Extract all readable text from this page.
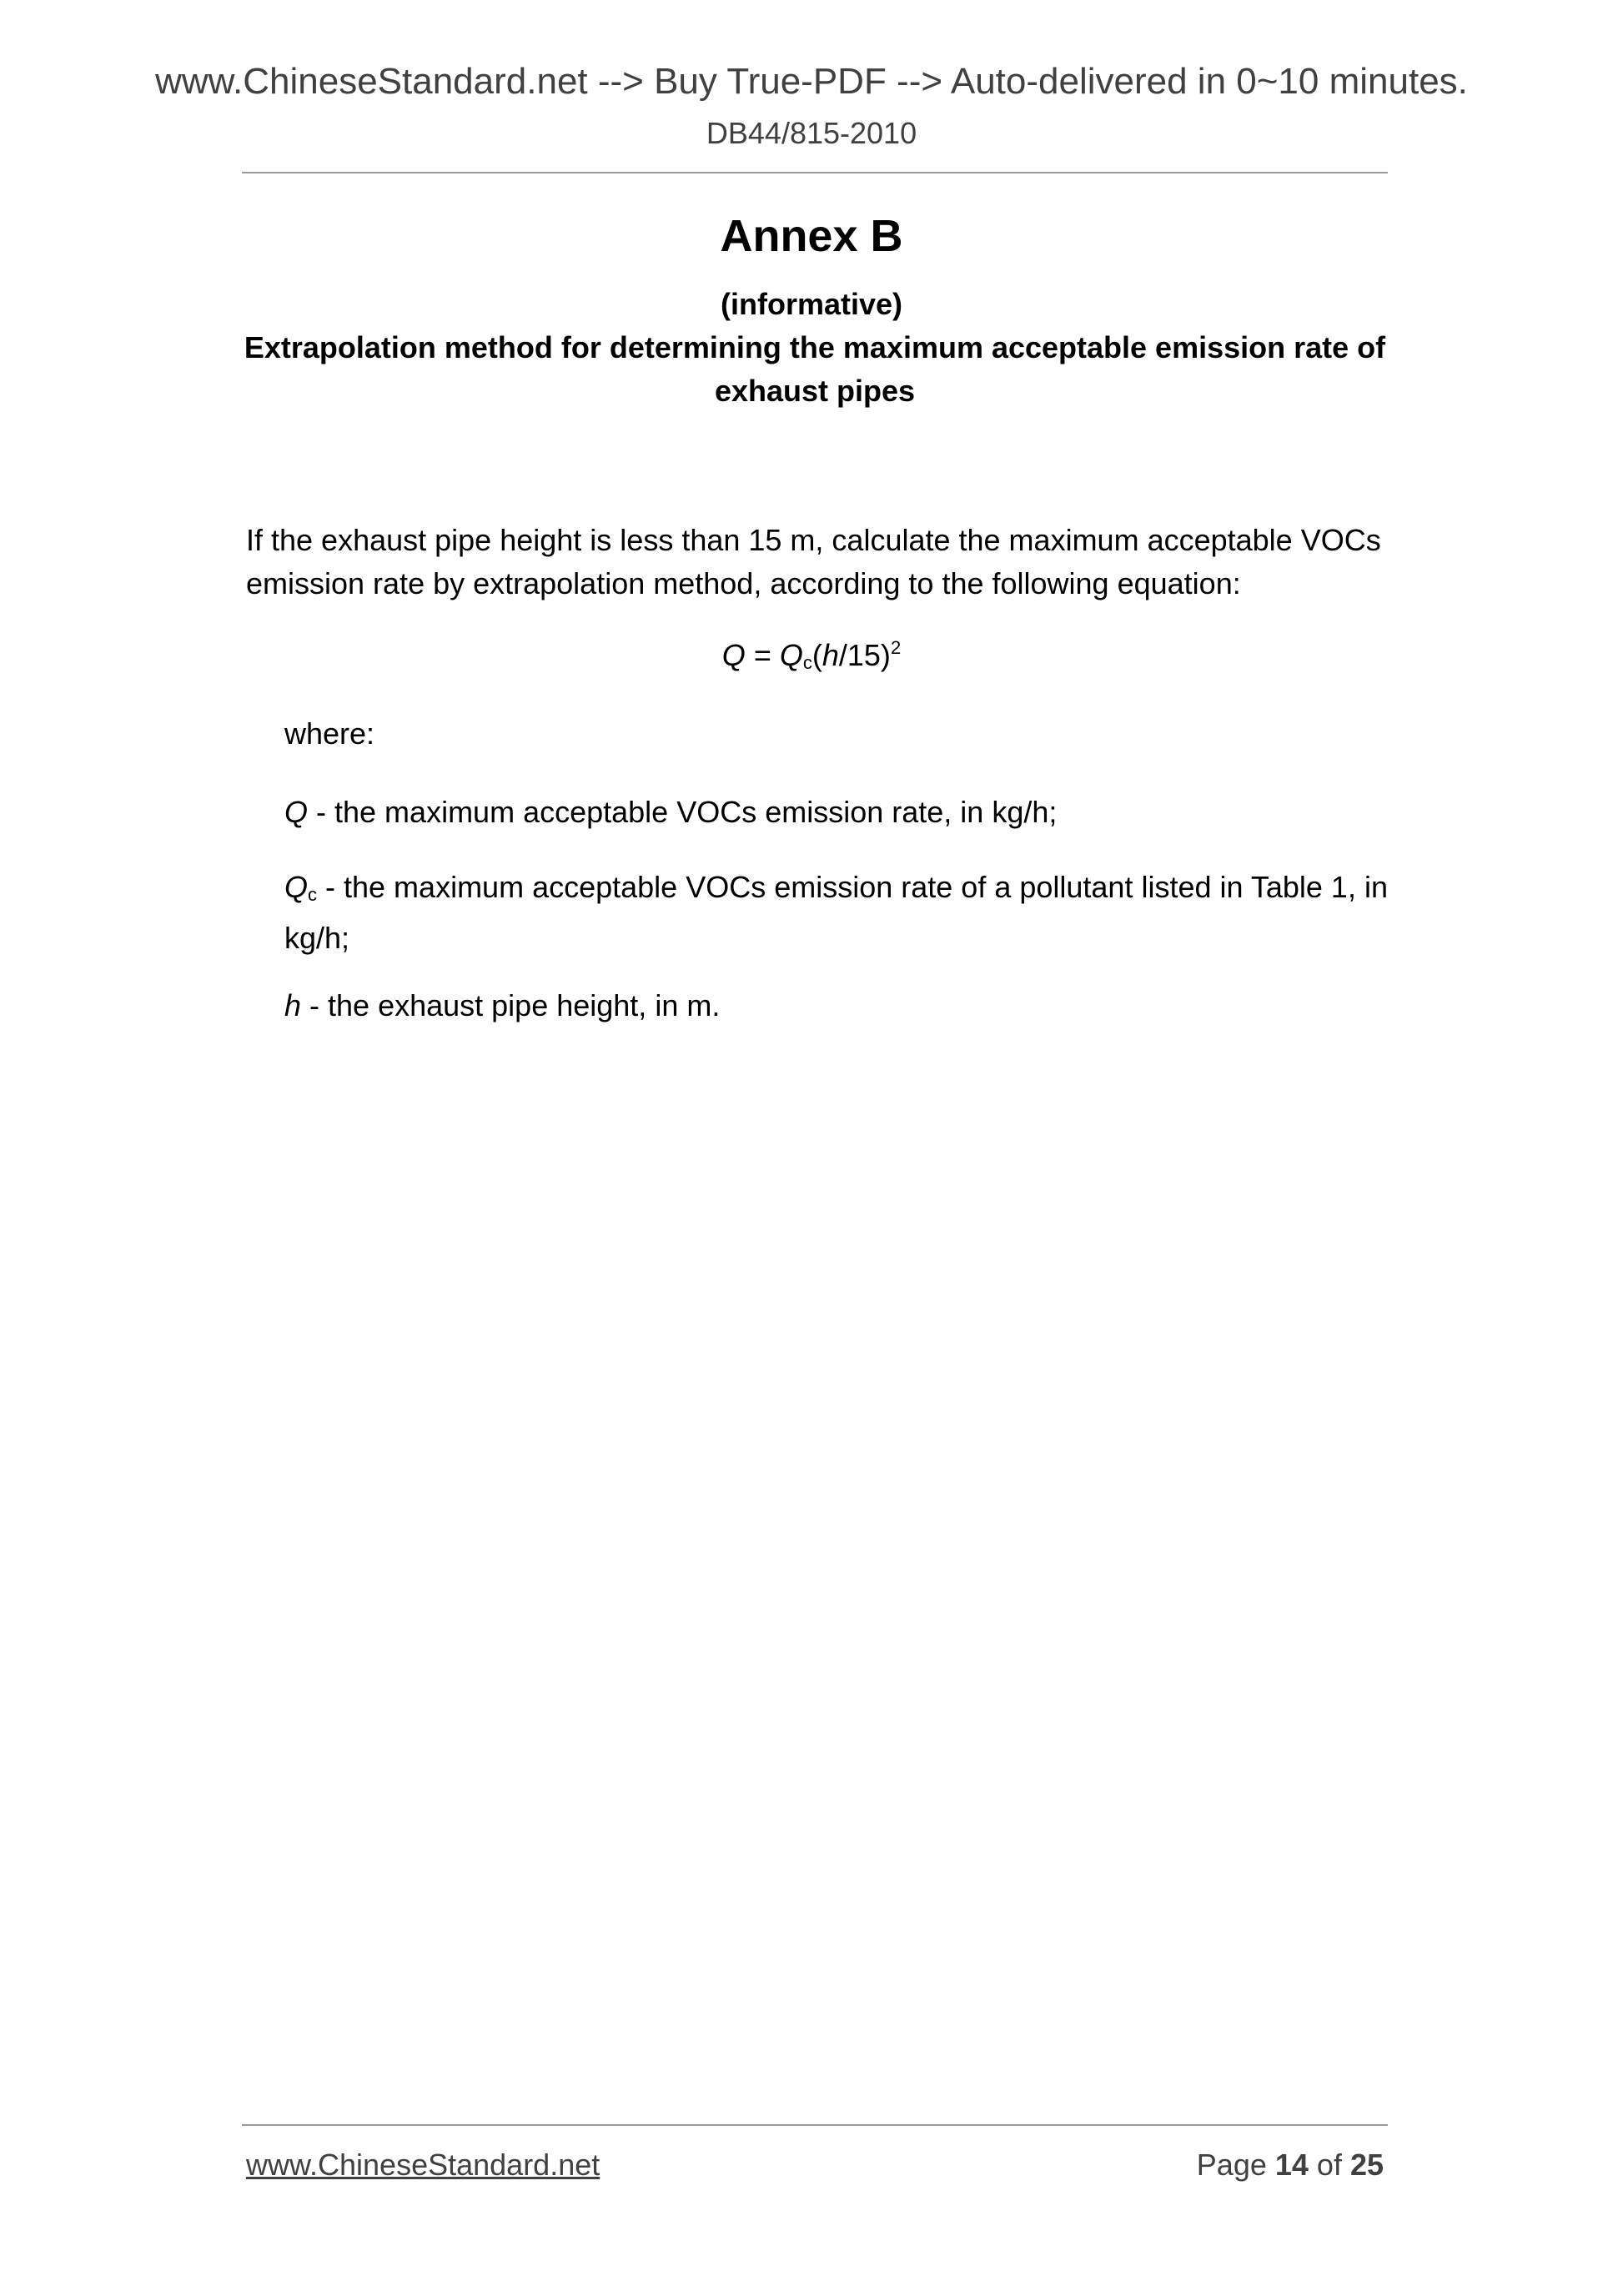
www.ChineseStandard.net --> Buy True-PDF --> Auto-delivered in 0~10 minutes.
DB44/815-2010
Annex B
(informative)
Extrapolation method for determining the maximum acceptable emission rate of exhaust pipes
If the exhaust pipe height is less than 15 m, calculate the maximum acceptable VOCs emission rate by extrapolation method, according to the following equation:
$Q = Q_c(h/15)^2$
where:
Q - the maximum acceptable VOCs emission rate, in kg/h;
$Q_c$ - the maximum acceptable VOCs emission rate of a pollutant listed in Table 1, in kg/h;
h - the exhaust pipe height, in m.
www.ChineseStandard.net	Page 14 of 25
